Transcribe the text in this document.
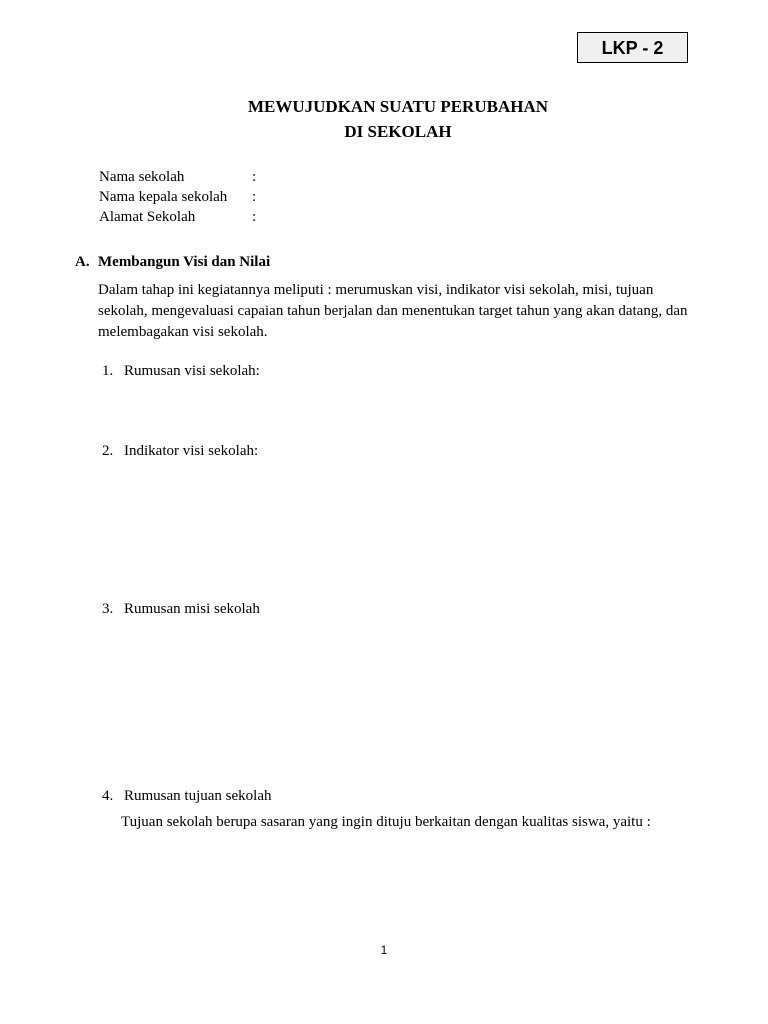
LKP - 2
MEWUJUDKAN SUATU PERUBAHAN
DI SEKOLAH
Nama sekolah	:
Nama kepala sekolah :
Alamat Sekolah	:
A. Membangun Visi dan Nilai
Dalam tahap ini kegiatannya meliputi : merumuskan visi, indikator visi sekolah, misi, tujuan sekolah, mengevaluasi capaian tahun berjalan dan menentukan target tahun yang akan datang, dan melembagakan visi sekolah.
1. Rumusan visi sekolah:
2. Indikator visi sekolah:
3. Rumusan misi sekolah
4. Rumusan tujuan sekolah
Tujuan sekolah berupa sasaran yang ingin dituju berkaitan dengan kualitas siswa, yaitu :
1
